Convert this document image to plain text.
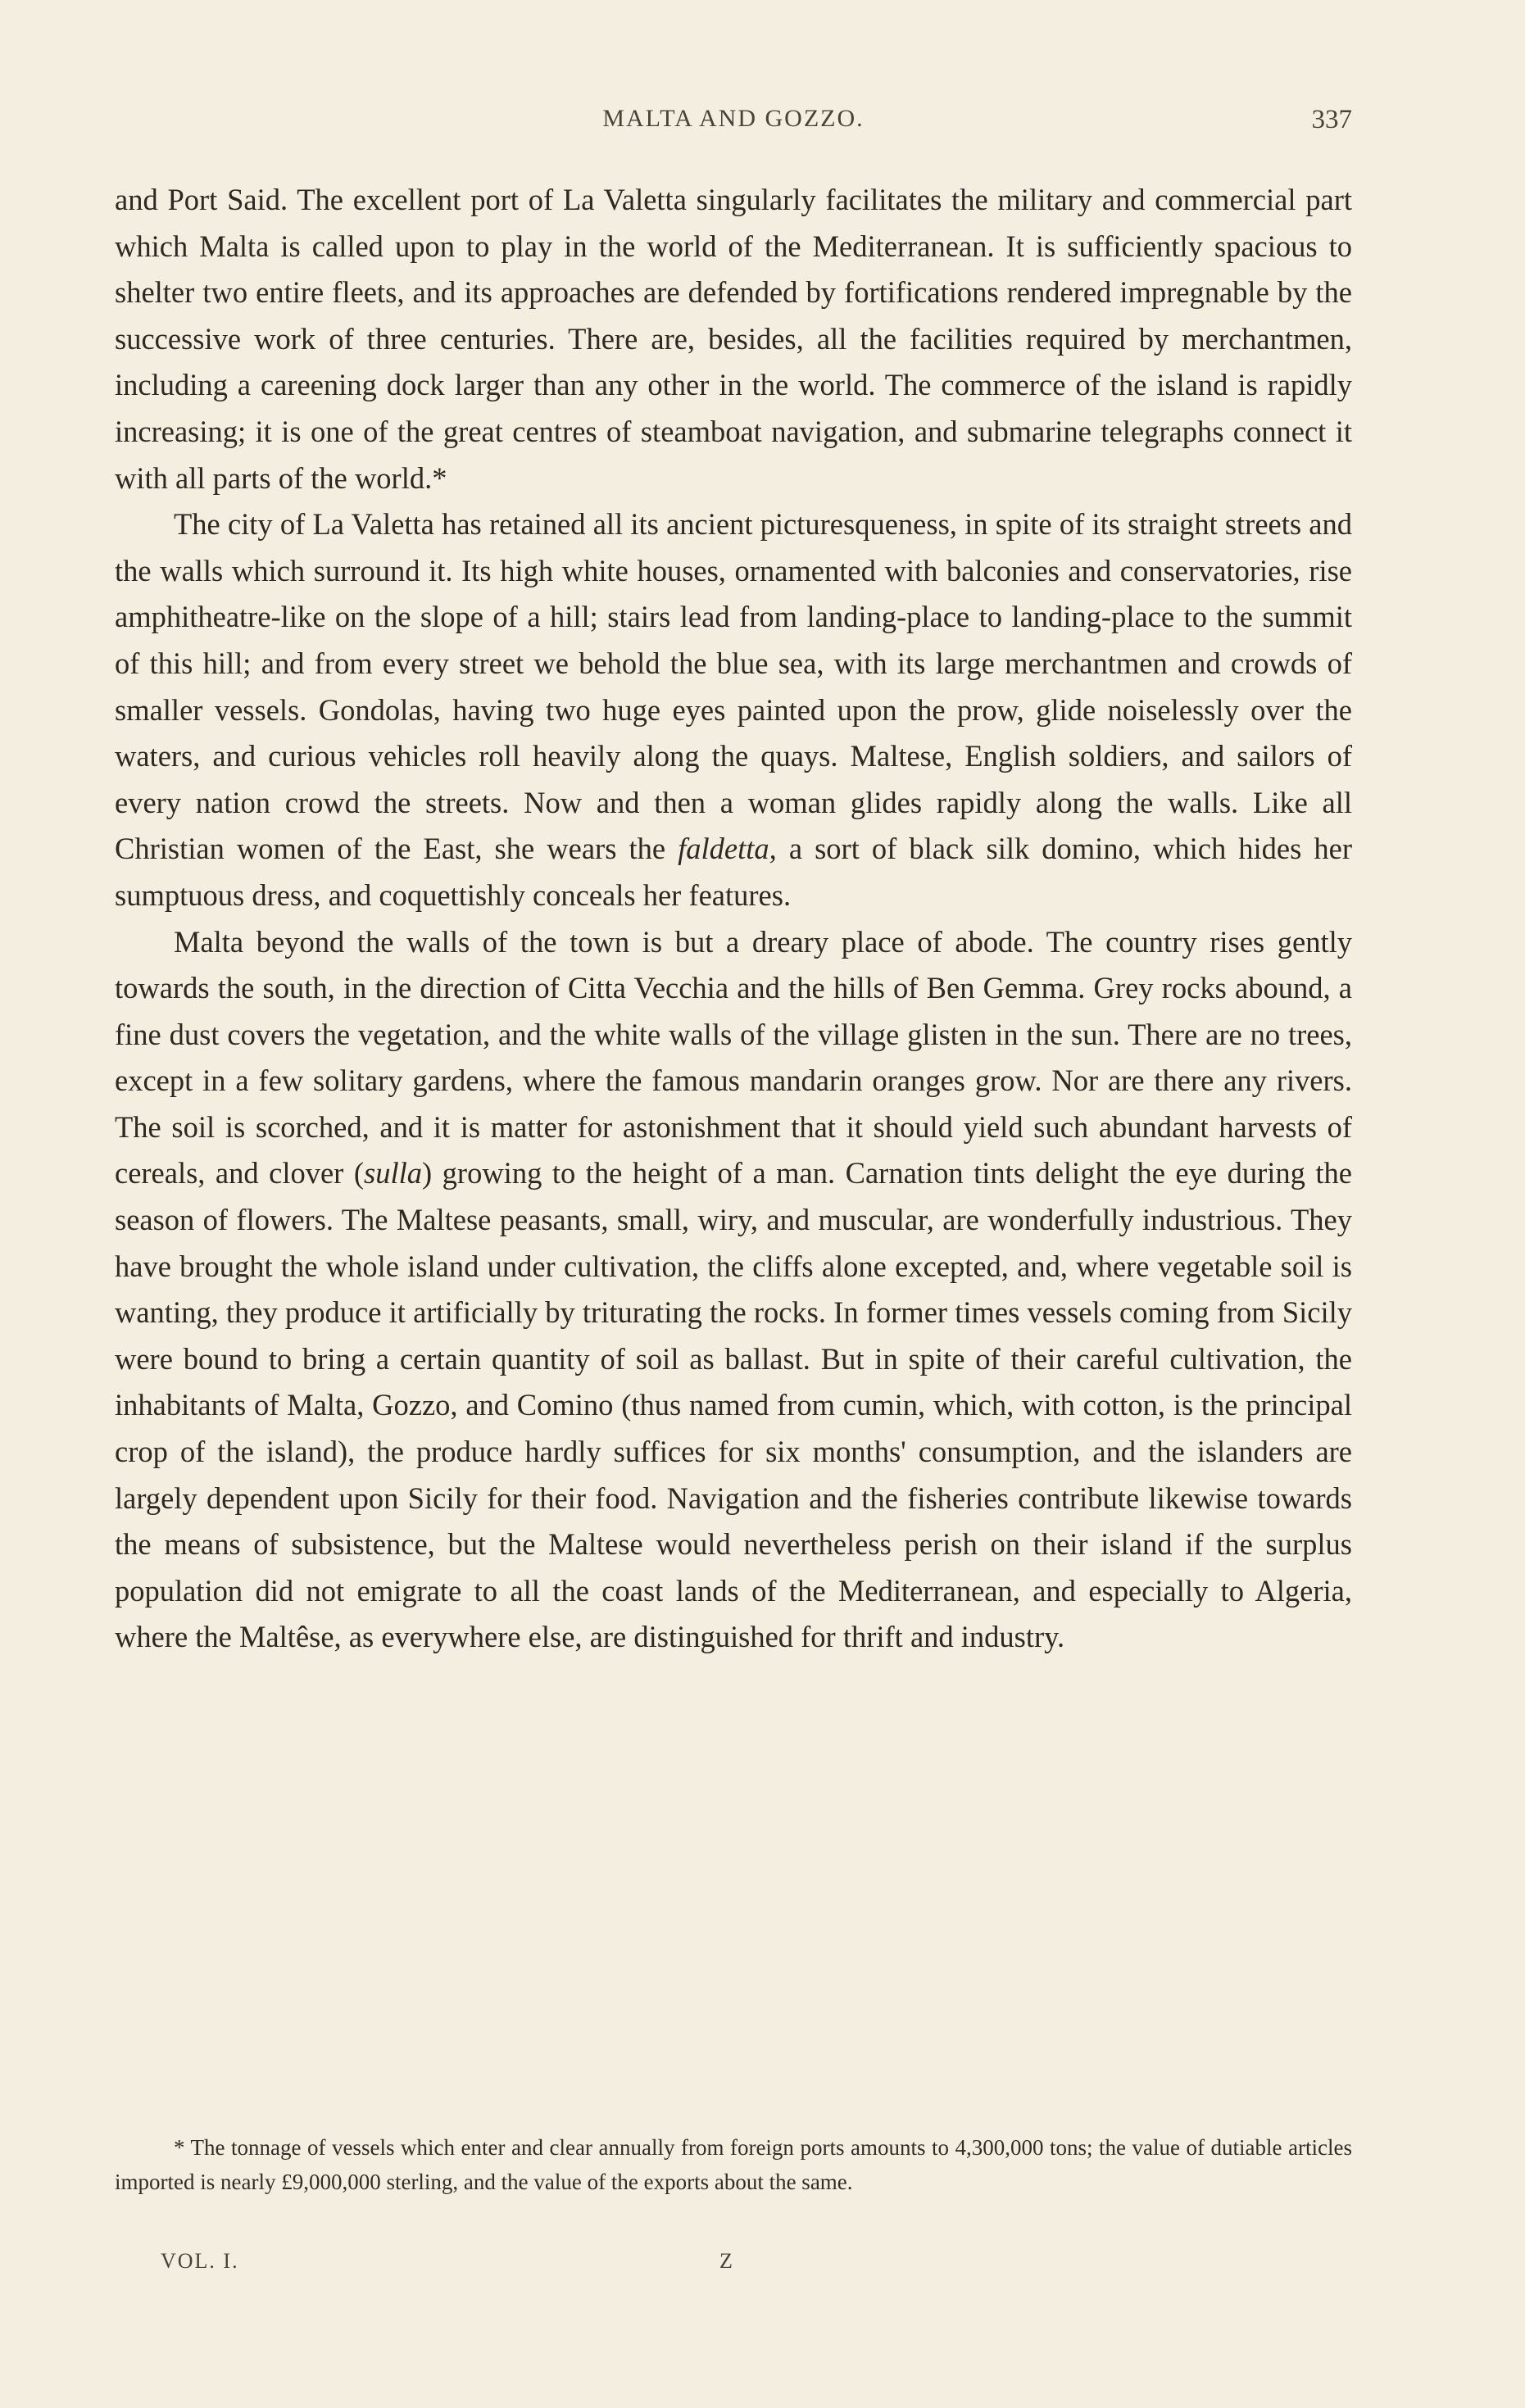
MALTA AND GOZZO.	337

and Port Said. The excellent port of La Valetta singularly facilitates the military and commercial part which Malta is called upon to play in the world of the Mediterranean. It is sufficiently spacious to shelter two entire fleets, and its approaches are defended by fortifications rendered impregnable by the successive work of three centuries. There are, besides, all the facilities required by merchantmen, including a careening dock larger than any other in the world. The commerce of the island is rapidly increasing; it is one of the great centres of steamboat navigation, and submarine telegraphs connect it with all parts of the world.*

The city of La Valetta has retained all its ancient picturesqueness, in spite of its straight streets and the walls which surround it. Its high white houses, ornamented with balconies and conservatories, rise amphitheatre-like on the slope of a hill; stairs lead from landing-place to landing-place to the summit of this hill; and from every street we behold the blue sea, with its large merchantmen and crowds of smaller vessels. Gondolas, having two huge eyes painted upon the prow, glide noiselessly over the waters, and curious vehicles roll heavily along the quays. Maltese, English soldiers, and sailors of every nation crowd the streets. Now and then a woman glides rapidly along the walls. Like all Christian women of the East, she wears the faldetta, a sort of black silk domino, which hides her sumptuous dress, and coquettishly conceals her features.

Malta beyond the walls of the town is but a dreary place of abode. The country rises gently towards the south, in the direction of Citta Vecchia and the hills of Ben Gemma. Grey rocks abound, a fine dust covers the vegetation, and the white walls of the village glisten in the sun. There are no trees, except in a few solitary gardens, where the famous mandarin oranges grow. Nor are there any rivers. The soil is scorched, and it is matter for astonishment that it should yield such abundant harvests of cereals, and clover (sulla) growing to the height of a man. Carnation tints delight the eye during the season of flowers. The Maltese peasants, small, wiry, and muscular, are wonderfully industrious. They have brought the whole island under cultivation, the cliffs alone excepted, and, where vegetable soil is wanting, they produce it artificially by triturating the rocks. In former times vessels coming from Sicily were bound to bring a certain quantity of soil as ballast. But in spite of their careful cultivation, the inhabitants of Malta, Gozzo, and Comino (thus named from cumin, which, with cotton, is the principal crop of the island), the produce hardly suffices for six months' consumption, and the islanders are largely dependent upon Sicily for their food. Navigation and the fisheries contribute likewise towards the means of subsistence, but the Maltese would nevertheless perish on their island if the surplus population did not emigrate to all the coast lands of the Mediterranean, and especially to Algeria, where the Maltêse, as everywhere else, are distinguished for thrift and industry.

* The tonnage of vessels which enter and clear annually from foreign ports amounts to 4,300,000 tons; the value of dutiable articles imported is nearly £9,000,000 sterling, and the value of the exports about the same.

VOL. I.	Z
